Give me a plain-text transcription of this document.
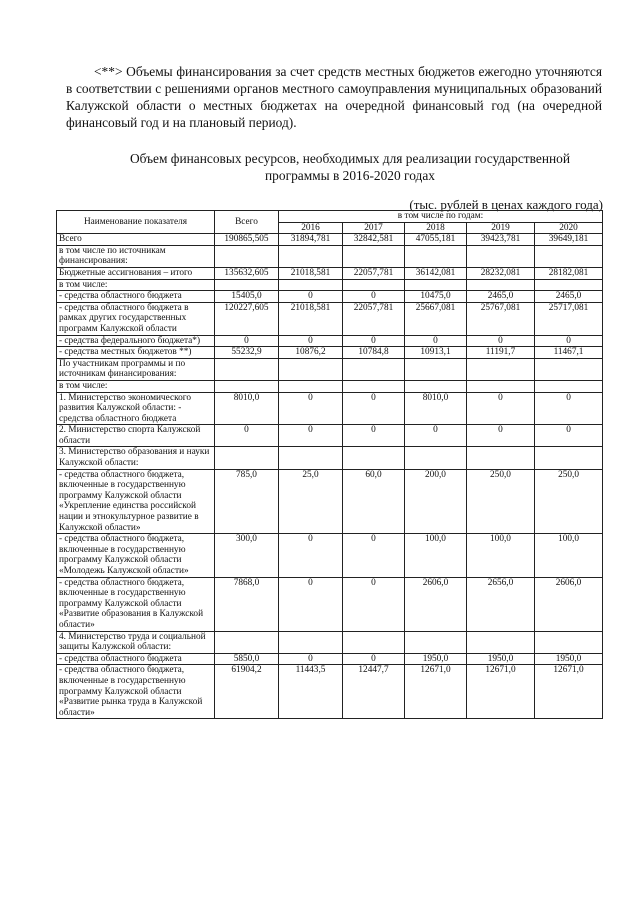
<**> Объемы финансирования за счет средств местных бюджетов ежегодно уточняются в соответствии с решениями органов местного самоуправления муниципальных образований Калужской области о местных бюджетах на очередной финансовый год (на очередной финансовый год и на плановый период).
Объем финансовых ресурсов, необходимых для реализации государственной
программы в 2016-2020 годах
(тыс. рублей в ценах каждого года)
Наименование показателя	Всего	в том числе по годам:				
		2016	2017	2018	2019	2020
Всего	190865,505	31894,781	32842,581	47055,181	39423,781	39649,181
в том числе по источникам финансирования:						
Бюджетные ассигнования – итого	135632,605	21018,581	22057,781	36142,081	28232,081	28182,081
в том числе:						
- средства областного бюджета	15405,0	0	0	10475,0	2465,0	2465,0
- средства областного бюджета в рамках других государственных программ Калужской области	120227,605	21018,581	22057,781	25667,081	25767,081	25717,081
- средства федерального бюджета*)	0	0	0	0	0	0
- средства местных бюджетов **)	55232,9	10876,2	10784,8	10913,1	11191,7	11467,1
По участникам программы и по источникам финансирования:						
в том числе:						
1. Министерство экономического развития Калужской области: - средства областного бюджета	8010,0	0	0	8010,0	0	0
2. Министерство спорта Калужской области	0	0	0	0	0	0
3. Министерство образования и науки Калужской области:						
- средства областного бюджета, включенные в государственную программу Калужской области «Укрепление единства российской нации и этнокультурное развитие в Калужской области»	785,0	25,0	60,0	200,0	250,0	250,0
- средства областного бюджета, включенные в государственную программу Калужской области «Молодежь Калужской области»	300,0	0	0	100,0	100,0	100,0
- средства областного бюджета, включенные в государственную программу Калужской области «Развитие образования в Калужской области»	7868,0	0	0	2606,0	2656,0	2606,0
4. Министерство труда и социальной защиты Калужской области:						
- средства областного бюджета	5850,0	0	0	1950,0	1950,0	1950,0
- средства областного бюджета, включенные в государственную программу Калужской области «Развитие рынка труда в Калужской области»	61904,2	11443,5	12447,7	12671,0	12671,0	12671,0
